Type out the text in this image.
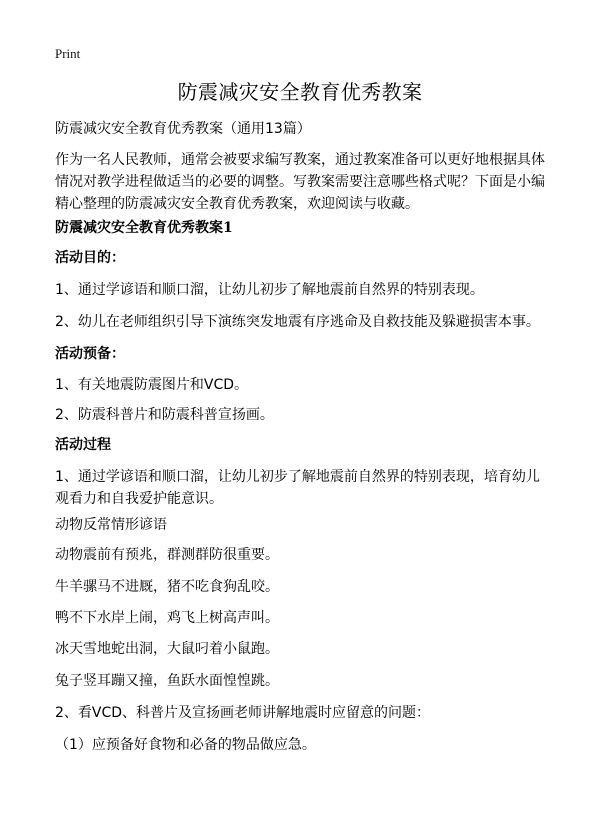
Print
防震减灾安全教育优秀教案
防震减灾安全教育优秀教案（通用13篇）
作为一名人民教师，通常会被要求编写教案，通过教案准备可以更好地根据具体情况对教学进程做适当的必要的调整。写教案需要注意哪些格式呢？下面是小编精心整理的防震减灾安全教育优秀教案，欢迎阅读与收藏。
防震减灾安全教育优秀教案1
活动目的：
1、通过学谚语和顺口溜，让幼儿初步了解地震前自然界的特别表现。
2、幼儿在老师组织引导下演练突发地震有序逃命及自救技能及躲避损害本事。
活动预备：
1、有关地震防震图片和VCD。
2、防震科普片和防震科普宣扬画。
活动过程
1、通过学谚语和顺口溜，让幼儿初步了解地震前自然界的特别表现，培育幼儿观看力和自我爱护能意识。
动物反常情形谚语
动物震前有预兆，群测群防很重要。
牛羊骡马不进厩，猪不吃食狗乱咬。
鸭不下水岸上闹，鸡飞上树高声叫。
冰天雪地蛇出洞，大鼠叼着小鼠跑。
兔子竖耳蹦又撞，鱼跃水面惶惶跳。
2、看VCD、科普片及宣扬画老师讲解地震时应留意的问题：
（1）应预备好食物和必备的物品做应急。
